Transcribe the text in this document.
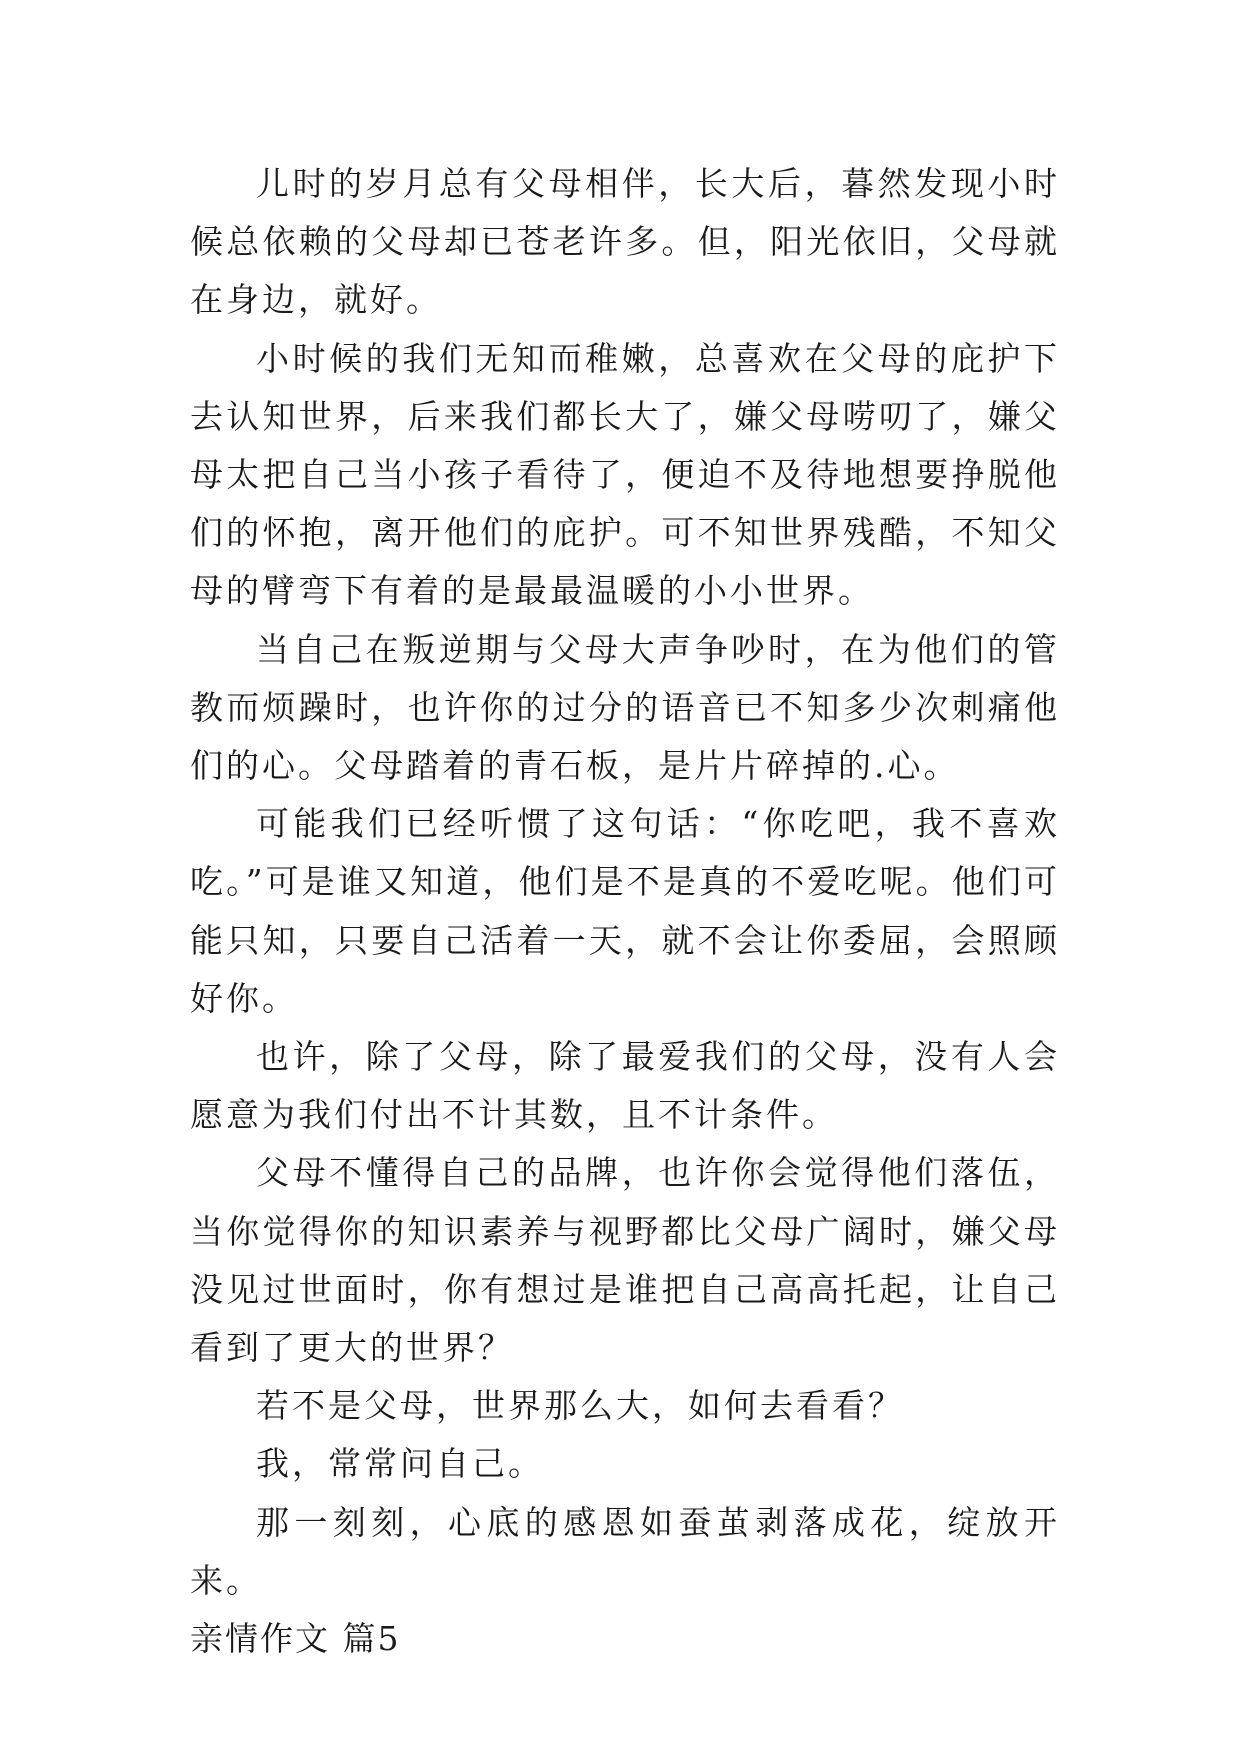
儿时的岁月总有父母相伴，长大后，暮然发现小时候总依赖的父母却已苍老许多。但，阳光依旧，父母就在身边，就好。

小时候的我们无知而稚嫩，总喜欢在父母的庇护下去认知世界，后来我们都长大了，嫌父母唠叨了，嫌父母太把自己当小孩子看待了，便迫不及待地想要挣脱他们的怀抱，离开他们的庇护。可不知世界残酷，不知父母的臂弯下有着的是最最温暖的小小世界。

当自己在叛逆期与父母大声争吵时，在为他们的管教而烦躁时，也许你的过分的语音已不知多少次刺痛他们的心。父母踏着的青石板，是片片碎掉的.心。

可能我们已经听惯了这句话：“你吃吧，我不喜欢吃。”可是谁又知道，他们是不是真的不爱吃呢。他们可能只知，只要自己活着一天，就不会让你委屈，会照顾好你。

也许，除了父母，除了最爱我们的父母，没有人会愿意为我们付出不计其数，且不计条件。

父母不懂得自己的品牌，也许你会觉得他们落伍，当你觉得你的知识素养与视野都比父母广阔时，嫌父母没见过世面时，你有想过是谁把自己高高托起，让自己看到了更大的世界？

若不是父母，世界那么大，如何去看看？

我，常常问自己。

那一刻刻，心底的感恩如蚕茧剥落成花，绽放开来。

亲情作文 篇5
